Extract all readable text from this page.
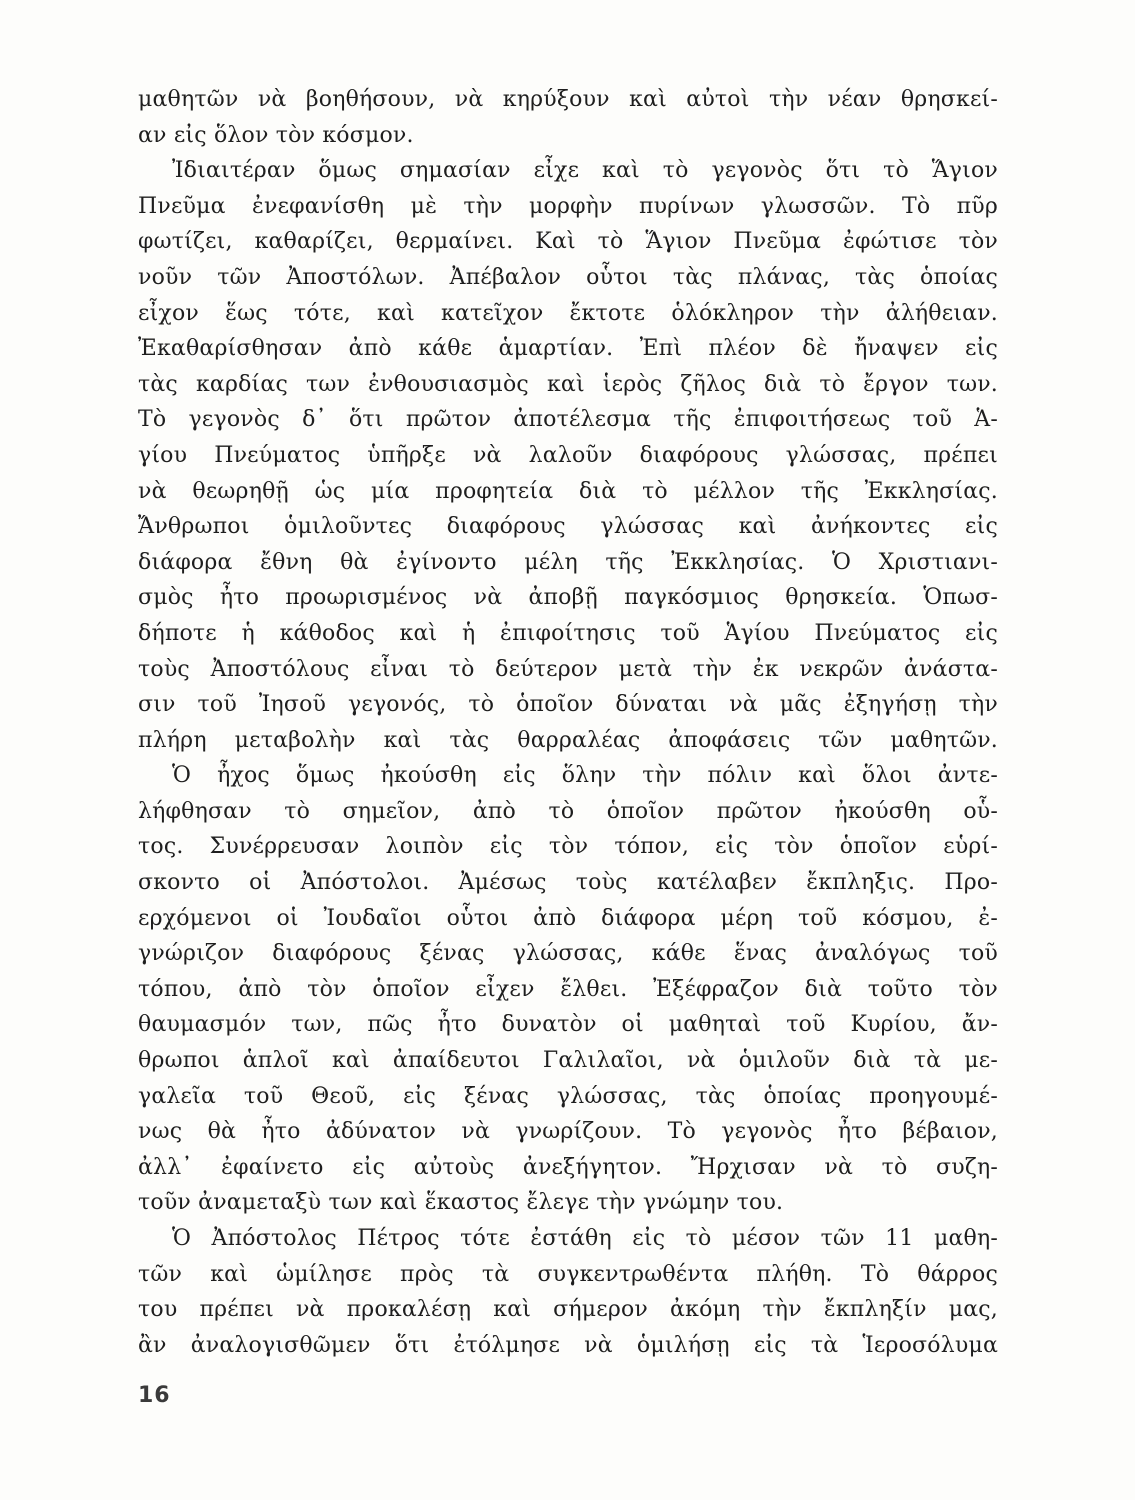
μαθητῶν νὰ βοηθήσουν, νὰ κηρύξουν καὶ αὐτοὶ τὴν νέαν θρησκεί-
αν εἰς ὅλον τὸν κόσμον.
Ἰδιαιτέραν ὅμως σημασίαν εἶχε καὶ τὸ γεγονὸς ὅτι τὸ Ἅγιον
Πνεῦμα ἐνεφανίσθη μὲ τὴν μορφὴν πυρίνων γλωσσῶν. Τὸ πῦρ
φωτίζει, καθαρίζει, θερμαίνει. Καὶ τὸ Ἅγιον Πνεῦμα ἐφώτισε τὸν
νοῦν τῶν Ἀποστόλων. Ἀπέβαλον οὗτοι τὰς πλάνας, τὰς ὁποίας
εἶχον ἕως τότε, καὶ κατεῖχον ἔκτοτε ὁλόκληρον τὴν ἀλήθειαν.
Ἐκαθαρίσθησαν ἀπὸ κάθε ἁμαρτίαν. Ἐπὶ πλέον δὲ ἤναψεν εἰς
τὰς καρδίας των ἐνθουσιασμὸς καὶ ἱερὸς ζῆλος διὰ τὸ ἔργον των.
Τὸ γεγονὸς δ᾽ ὅτι πρῶτον ἀποτέλεσμα τῆς ἐπιφοιτήσεως τοῦ Ἁ-
γίου Πνεύματος ὑπῆρξε νὰ λαλοῦν διαφόρους γλώσσας, πρέπει
νὰ θεωρηθῇ ὡς μία προφητεία διὰ τὸ μέλλον τῆς Ἐκκλησίας.
Ἄνθρωποι ὁμιλοῦντες διαφόρους γλώσσας καὶ ἀνήκοντες εἰς
διάφορα ἔθνη θὰ ἐγίνοντο μέλη τῆς Ἐκκλησίας. Ὁ Χριστιανι-
σμὸς ἦτο προωρισμένος νὰ ἀποβῇ παγκόσμιος θρησκεία. Ὁπωσ-
δήποτε ἡ κάθοδος καὶ ἡ ἐπιφοίτησις τοῦ Ἁγίου Πνεύματος εἰς
τοὺς Ἀποστόλους εἶναι τὸ δεύτερον μετὰ τὴν ἐκ νεκρῶν ἀνάστα-
σιν τοῦ Ἰησοῦ γεγονός, τὸ ὁποῖον δύναται νὰ μᾶς ἐξηγήσῃ τὴν
πλήρη μεταβολὴν καὶ τὰς θαρραλέας ἀποφάσεις τῶν μαθητῶν.
Ὁ ἦχος ὅμως ἠκούσθη εἰς ὅλην τὴν πόλιν καὶ ὅλοι ἀντε-
λήφθησαν τὸ σημεῖον, ἀπὸ τὸ ὁποῖον πρῶτον ἠκούσθη οὗ-
τος. Συνέρρευσαν λοιπὸν εἰς τὸν τόπον, εἰς τὸν ὁποῖον εὑρί-
σκοντο οἱ Ἀπόστολοι. Ἀμέσως τοὺς κατέλαβεν ἔκπληξις. Προ-
ερχόμενοι οἱ Ἰουδαῖοι οὗτοι ἀπὸ διάφορα μέρη τοῦ κόσμου, ἐ-
γνώριζον διαφόρους ξένας γλώσσας, κάθε ἕνας ἀναλόγως τοῦ
τόπου, ἀπὸ τὸν ὁποῖον εἶχεν ἔλθει. Ἐξέφραζον διὰ τοῦτο τὸν
θαυμασμόν των, πῶς ἦτο δυνατὸν οἱ μαθηταὶ τοῦ Κυρίου, ἄν-
θρωποι ἁπλοῖ καὶ ἀπαίδευτοι Γαλιλαῖοι, νὰ ὁμιλοῦν διὰ τὰ με-
γαλεῖα τοῦ Θεοῦ, εἰς ξένας γλώσσας, τὰς ὁποίας προηγουμέ-
νως θὰ ἦτο ἀδύνατον νὰ γνωρίζουν. Τὸ γεγονὸς ἦτο βέβαιον,
ἀλλ᾽ ἐφαίνετο εἰς αὐτοὺς ἀνεξήγητον. Ἤρχισαν νὰ τὸ συζη-
τοῦν ἀναμεταξὺ των καὶ ἕκαστος ἔλεγε τὴν γνώμην του.
Ὁ Ἀπόστολος Πέτρος τότε ἐστάθη εἰς τὸ μέσον τῶν 11 μαθη-
τῶν καὶ ὡμίλησε πρὸς τὰ συγκεντρωθέντα πλήθη. Τὸ θάρρος
του πρέπει νὰ προκαλέσῃ καὶ σήμερον ἀκόμη τὴν ἔκπληξίν μας,
ἂν ἀναλογισθῶμεν ὅτι ἐτόλμησε νὰ ὁμιλήσῃ εἰς τὰ Ἱεροσόλυμα
16
